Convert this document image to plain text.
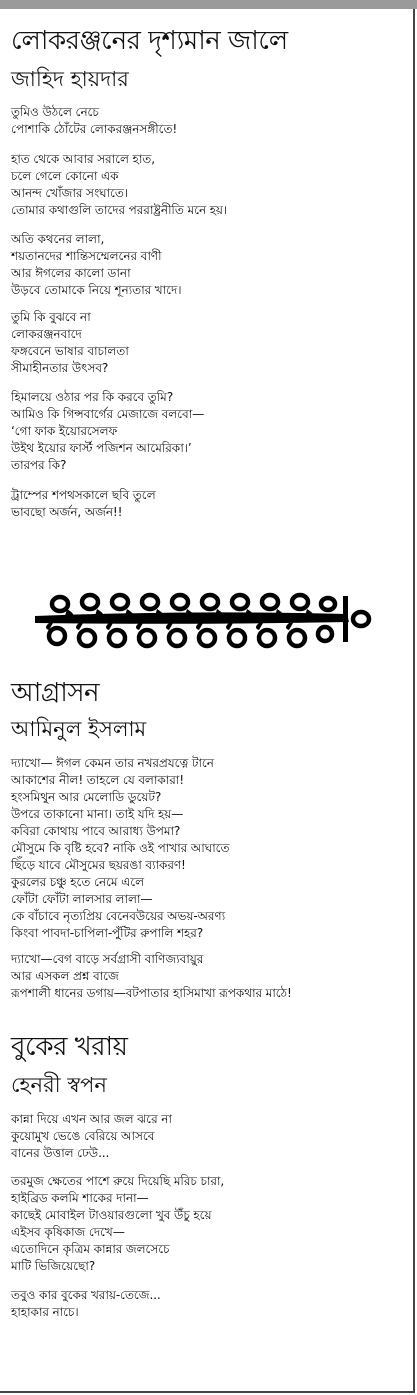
লোকরঞ্জনের দৃশ্যমান জালে
জাহিদ হায়দার
তুমিও উঠলে নেচে
পোশাকি ঠোঁটের লোকরঞ্জনসঙ্গীতে!
হাত থেকে আবার সরালে হাত,
চলে গেলে কোনো এক
আনন্দ খোঁজার সংঘাতে।
তোমার কথাগুলি তাদের পররাষ্ট্রনীতি মনে হয়।
অতি কথনের লালা,
শয়তানদের শান্তিসম্মেলনের বাণী
আর ঈগলের কালো ডানা
উড়বে তোমাকে নিয়ে শূন্যতার খাদে।
তুমি কি বুঝবে না
লোকরঞ্জনবাদে
ফঙ্গবেনে ভাষার বাচালতা
সীমাহীনতার উৎসব?
হিমালয়ে ওঠার পর কি করবে তুমি?
আমিও কি গিন্সবার্গের মেজাজে বলবো—
‘গো ফাক ইয়োরসেলফ
উইথ ইয়োর ফার্স্ট পজিশন আমেরিকা।’
তারপর কি?
ট্রাম্পের শপথসকালে ছবি তুলে
ভাবছো অর্জন, অর্জন!!
আগ্রাসন
আমিনুল ইসলাম
দ্যাখো— ঈগল কেমন তার নখরপ্রযত্নে টানে
আকাশের নীল! তাহলে যে বলাকারা!
হংসমিথুন আর মেলোডি ডুয়েট?
উপরে তাকানো মানা। তাই যদি হয়—
কবিরা কোথায় পাবে আরাধ্য উপমা?
মৌসুমে কি বৃষ্টি হবে? নাকি ওই পাখার আঘাতে
ছিঁড়ে যাবে মৌসুমের ছয়রঙা ব্যাকরণ!
কুরলের চঞ্চু হতে নেমে এলে
ফোঁটা ফোঁটা লালসার লালা—
কে বাঁচাবে নৃত্যপ্রিয় বেনেবউয়ের অভয়-অরণ্য
কিংবা পাবদা-চাপিলা-পুঁটির রুপালি শহর?
দ্যাখো—বেগ বাড়ে সর্বগ্রাসী বাণিজ্যবায়ুর
আর এসকল প্রশ্ন বাজে
রূপশালী ধানের ডগায়—বটপাতার হাসিমাখা রূপকথার মাঠে!
বুকের খরায়
হেনরী স্বপন
কান্না দিয়ে এখন আর জল ঝরে না
কুয়োমুখ ভেঙে বেরিয়ে আসবে
বানের উত্তাল ঢেউ...
তরমুজ ক্ষেতের পাশে রুয়ে দিয়েছি মরিচ চারা,
হাইব্রিড কলমি শাকের দানা—
কাছেই মোবাইল টাওয়ারগুলো খুব উঁচু হয়ে
এইসব কৃষিকাজ দেখে—
এতোদিনে কৃত্রিম কান্নার জলসেচে
মাটি ভিজিয়েছো?
তবুও কার বুকের খরায়-তেজে...
হাহাকার নাচে।
